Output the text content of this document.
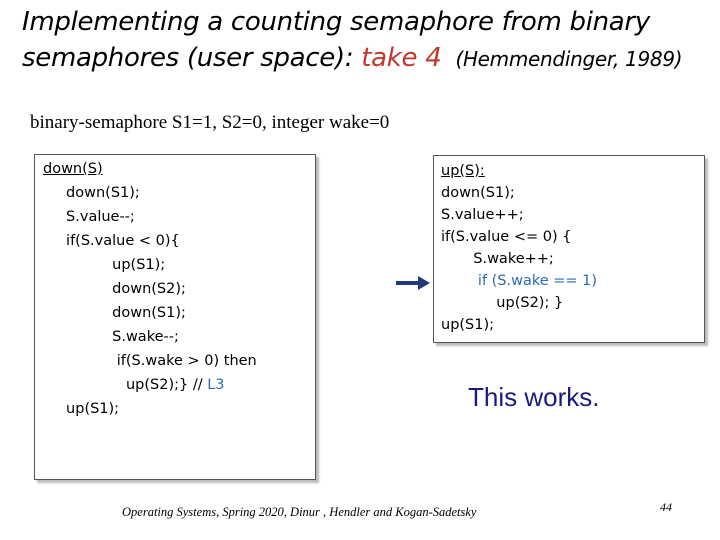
Implementing a counting semaphore from binary
semaphores (user space): take 4 (Hemmendinger, 1989)
binary-semaphore S1=1, S2=0, integer wake=0
down(S)
down(S1);
S.value--;
if(S.value < 0){
up(S1);
down(S2);
down(S1);
S.wake--;
if(S.wake > 0) then
up(S2);} // L3
up(S1);
up(S):
down(S1);
S.value++;
if(S.value <= 0) {
S.wake++;
if (S.wake == 1)
up(S2); }
up(S1);
This works.
Operating Systems, Spring 2020, Dinur , Hendler and Kogan-Sadetsky	44
